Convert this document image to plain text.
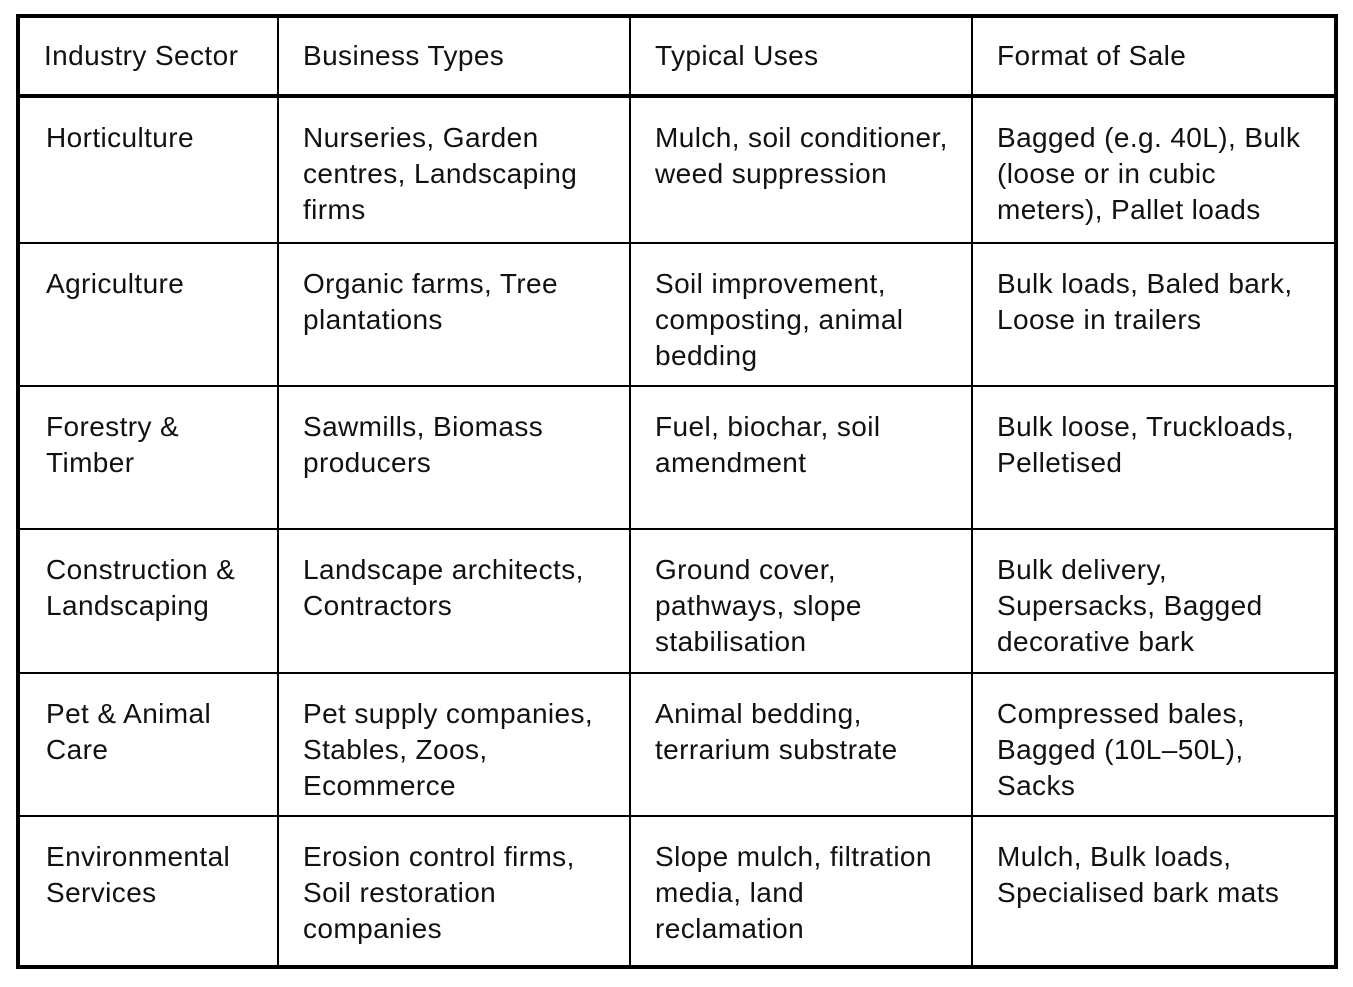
Industry Sector	Business Types	Typical Uses	Format of Sale
Horticulture	Nurseries, Garden centres, Landscaping firms	Mulch, soil conditioner, weed suppression	Bagged (e.g. 40L), Bulk (loose or in cubic meters), Pallet loads
Agriculture	Organic farms, Tree plantations	Soil improvement, composting, animal bedding	Bulk loads, Baled bark, Loose in trailers
Forestry & Timber	Sawmills, Biomass producers	Fuel, biochar, soil amendment	Bulk loose, Truckloads, Pelletised
Construction & Landscaping	Landscape architects, Contractors	Ground cover, pathways, slope stabilisation	Bulk delivery, Supersacks, Bagged decorative bark
Pet & Animal Care	Pet supply companies, Stables, Zoos, Ecommerce	Animal bedding, terrarium substrate	Compressed bales, Bagged (10L–50L), Sacks
Environmental Services	Erosion control firms, Soil restoration companies	Slope mulch, filtration media, land reclamation	Mulch, Bulk loads, Specialised bark mats
